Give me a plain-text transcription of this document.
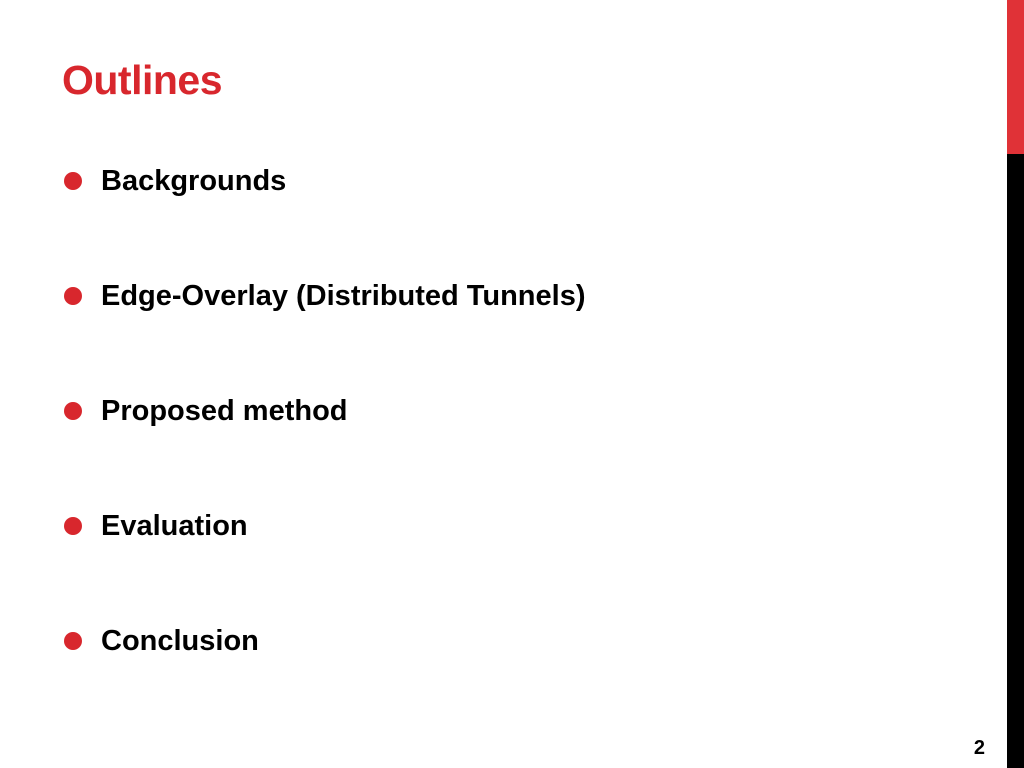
Outlines
Backgrounds
Edge-Overlay (Distributed Tunnels)
Proposed method
Evaluation
Conclusion
2
